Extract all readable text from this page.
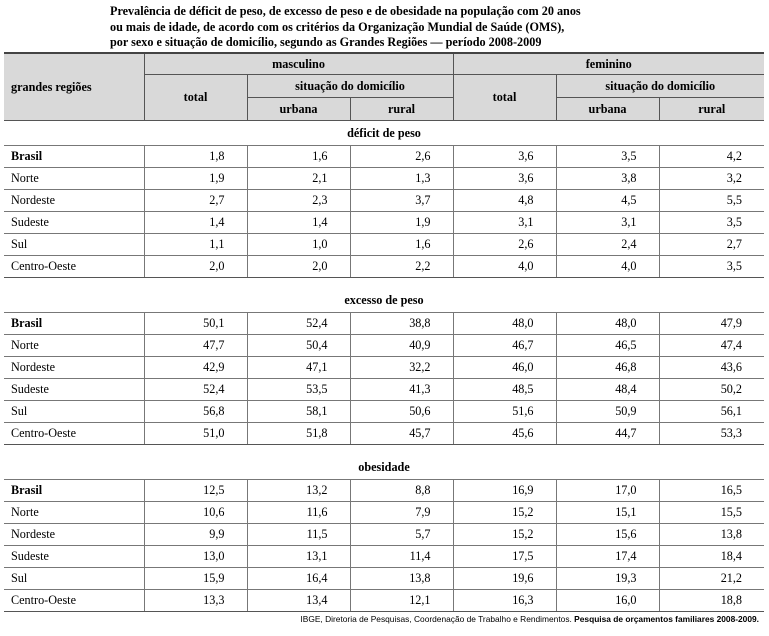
Prevalência de déficit de peso, de excesso de peso e de obesidade na população com 20 anos
ou mais de idade, de acordo com os critérios da Organização Mundial de Saúde (OMS),
por sexo e situação de domicílio, segundo as Grandes Regiões — período 2008-2009
grandes regiões	masculino			feminino		
	total	situação do domicílio		total	situação do domicílio	
		urbana	rural		urbana	rural
déficit de peso						
Brasil	1,8	1,6	2,6	3,6	3,5	4,2
Norte	1,9	2,1	1,3	3,6	3,8	3,2
Nordeste	2,7	2,3	3,7	4,8	4,5	5,5
Sudeste	1,4	1,4	1,9	3,1	3,1	3,5
Sul	1,1	1,0	1,6	2,6	2,4	2,7
Centro-Oeste	2,0	2,0	2,2	4,0	4,0	3,5

excesso de peso						
Brasil	50,1	52,4	38,8	48,0	48,0	47,9
Norte	47,7	50,4	40,9	46,7	46,5	47,4
Nordeste	42,9	47,1	32,2	46,0	46,8	43,6
Sudeste	52,4	53,5	41,3	48,5	48,4	50,2
Sul	56,8	58,1	50,6	51,6	50,9	56,1
Centro-Oeste	51,0	51,8	45,7	45,6	44,7	53,3

obesidade						
Brasil	12,5	13,2	8,8	16,9	17,0	16,5
Norte	10,6	11,6	7,9	15,2	15,1	15,5
Nordeste	9,9	11,5	5,7	15,2	15,6	13,8
Sudeste	13,0	13,1	11,4	17,5	17,4	18,4
Sul	15,9	16,4	13,8	19,6	19,3	21,2
Centro-Oeste	13,3	13,4	12,1	16,3	16,0	18,8
IBGE, Diretoria de Pesquisas, Coordenação de Trabalho e Rendimentos. Pesquisa de orçamentos familiares 2008-2009.
